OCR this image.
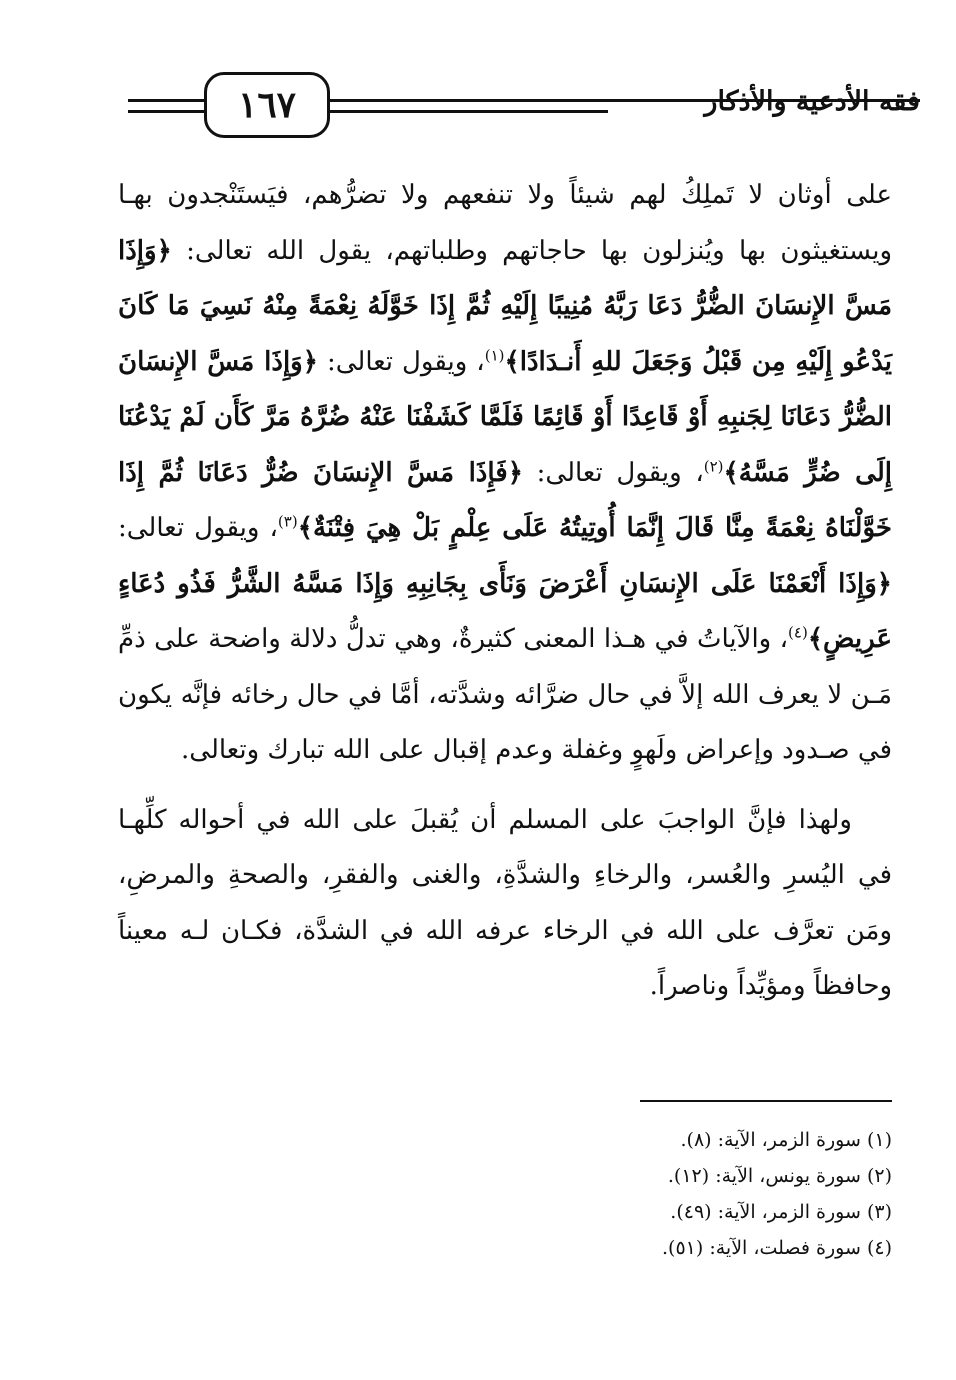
فقه الأدعية والأذكار
١٦٧

على أوثان لا تَملِكُ لهم شيئاً ولا تنفعهم ولا تضرُّهم، فيَستَنْجدون بهـا ويستغيثون بها ويُنزلون بها حاجاتهم وطلباتهم، يقول الله تعالى: ﴿وَإِذَا مَسَّ الإِنسَانَ الضُّرُّ دَعَا رَبَّهُ مُنِيبًا إِلَيْهِ ثُمَّ إِذَا خَوَّلَهُ نِعْمَةً مِنْهُ نَسِيَ مَا كَانَ يَدْعُو إِلَيْهِ مِن قَبْلُ وَجَعَلَ للهِ أَنـدَادًا﴾$^{(١)}$، ويقول تعالى: ﴿وَإِذَا مَسَّ الإِنسَانَ الضُّرُّ دَعَانَا لِجَنبِهِ أَوْ قَاعِدًا أَوْ قَائِمًا فَلَمَّا كَشَفْنَا عَنْهُ ضُرَّهُ مَرَّ كَأَن لَمْ يَدْعُنَا إِلَى ضُرٍّ مَسَّهُ﴾$^{(٢)}$، ويقول تعالى: ﴿فَإِذَا مَسَّ الإِنسَانَ ضُرٌّ دَعَانَا ثُمَّ إِذَا خَوَّلْنَاهُ نِعْمَةً مِنَّا قَالَ إِنَّمَا أُوتِيتُهُ عَلَى عِلْمٍ بَلْ هِيَ فِتْنَةٌ﴾$^{(٣)}$، ويقول تعالى: ﴿وَإِذَا أَنْعَمْنَا عَلَى الإِنسَانِ أَعْرَضَ وَنَأَى بِجَانِبِهِ وَإِذَا مَسَّهُ الشَّرُّ فَذُو دُعَاءٍ عَرِيضٍ﴾$^{(٤)}$، والآياتُ في هـذا المعنى كثيرةٌ، وهي تدلُّ دلالة واضحة على ذمِّ مَـن لا يعرف الله إلاَّ في حال ضرَّائه وشدَّته، أمَّا في حال رخائه فإنَّه يكون في صـدود وإعراض ولَهوٍ وغفلة وعدم إقبال على الله تبارك وتعالى.

ولهذا فإنَّ الواجبَ على المسلم أن يُقبلَ على الله في أحواله كلِّهـا في اليُسرِ والعُسر، والرخاءِ والشدَّةِ، والغنى والفقرِ، والصحةِ والمرضِ، ومَن تعرَّف على الله في الرخاء عرفه الله في الشدَّة، فكـان لـه معيناً وحافظاً ومؤيِّداً وناصراً.

(١) سورة الزمر، الآية: (٨).
(٢) سورة يونس، الآية: (١٢).
(٣) سورة الزمر، الآية: (٤٩).
(٤) سورة فصلت، الآية: (٥١).
